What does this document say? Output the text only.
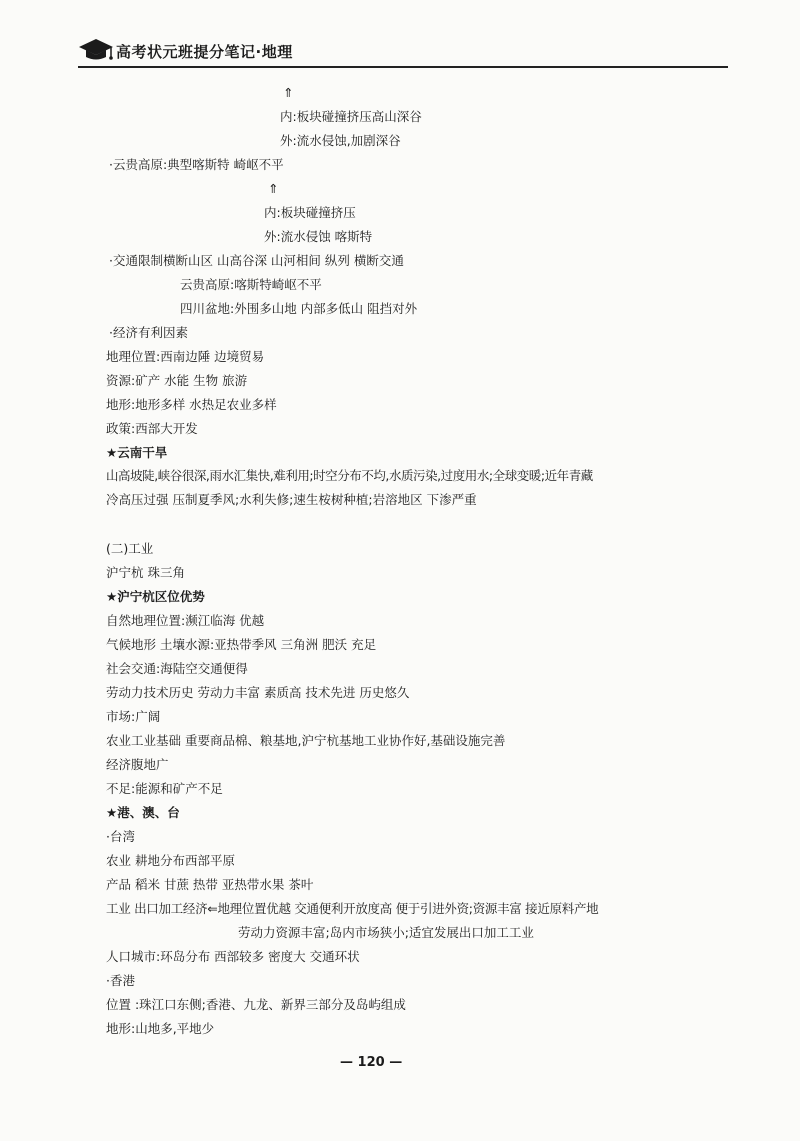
高考状元班提分笔记·地理
⇑
内:板块碰撞挤压高山深谷
外:流水侵蚀,加剧深谷
·云贵高原:典型喀斯特 崎岖不平
⇑
内:板块碰撞挤压
外:流水侵蚀 喀斯特
·交通限制横断山区 山高谷深 山河相间 纵列 横断交通
云贵高原:喀斯特崎岖不平
四川盆地:外围多山地 内部多低山 阻挡对外
·经济有利因素
地理位置:西南边陲 边境贸易
资源:矿产 水能 生物 旅游
地形:地形多样 水热足农业多样
政策:西部大开发
★云南干旱
山高坡陡,峡谷很深,雨水汇集快,难利用;时空分布不均,水质污染,过度用水;全球变暖;近年青藏
冷高压过强 压制夏季风;水利失修;速生桉树种植;岩溶地区 下渗严重
(二)工业
沪宁杭 珠三角
★沪宁杭区位优势
自然地理位置:濒江临海 优越
气候地形 土壤水源:亚热带季风 三角洲 肥沃 充足
社会交通:海陆空交通便得
劳动力技术历史 劳动力丰富 素质高 技术先进 历史悠久
市场:广阔
农业工业基础 重要商品棉、粮基地,沪宁杭基地工业协作好,基础设施完善
经济腹地广
不足:能源和矿产不足
★港、澳、台
·台湾
农业 耕地分布西部平原
产品 稻米 甘蔗 热带 亚热带水果 茶叶
工业 出口加工经济⇐地理位置优越 交通便利开放度高 便于引进外资;资源丰富 接近原料产地
劳动力资源丰富;岛内市场狭小;适宜发展出口加工工业
人口城市:环岛分布 西部较多 密度大 交通环状
·香港
位置 :珠江口东侧;香港、九龙、新界三部分及岛屿组成
地形:山地多,平地少
— 120 —
